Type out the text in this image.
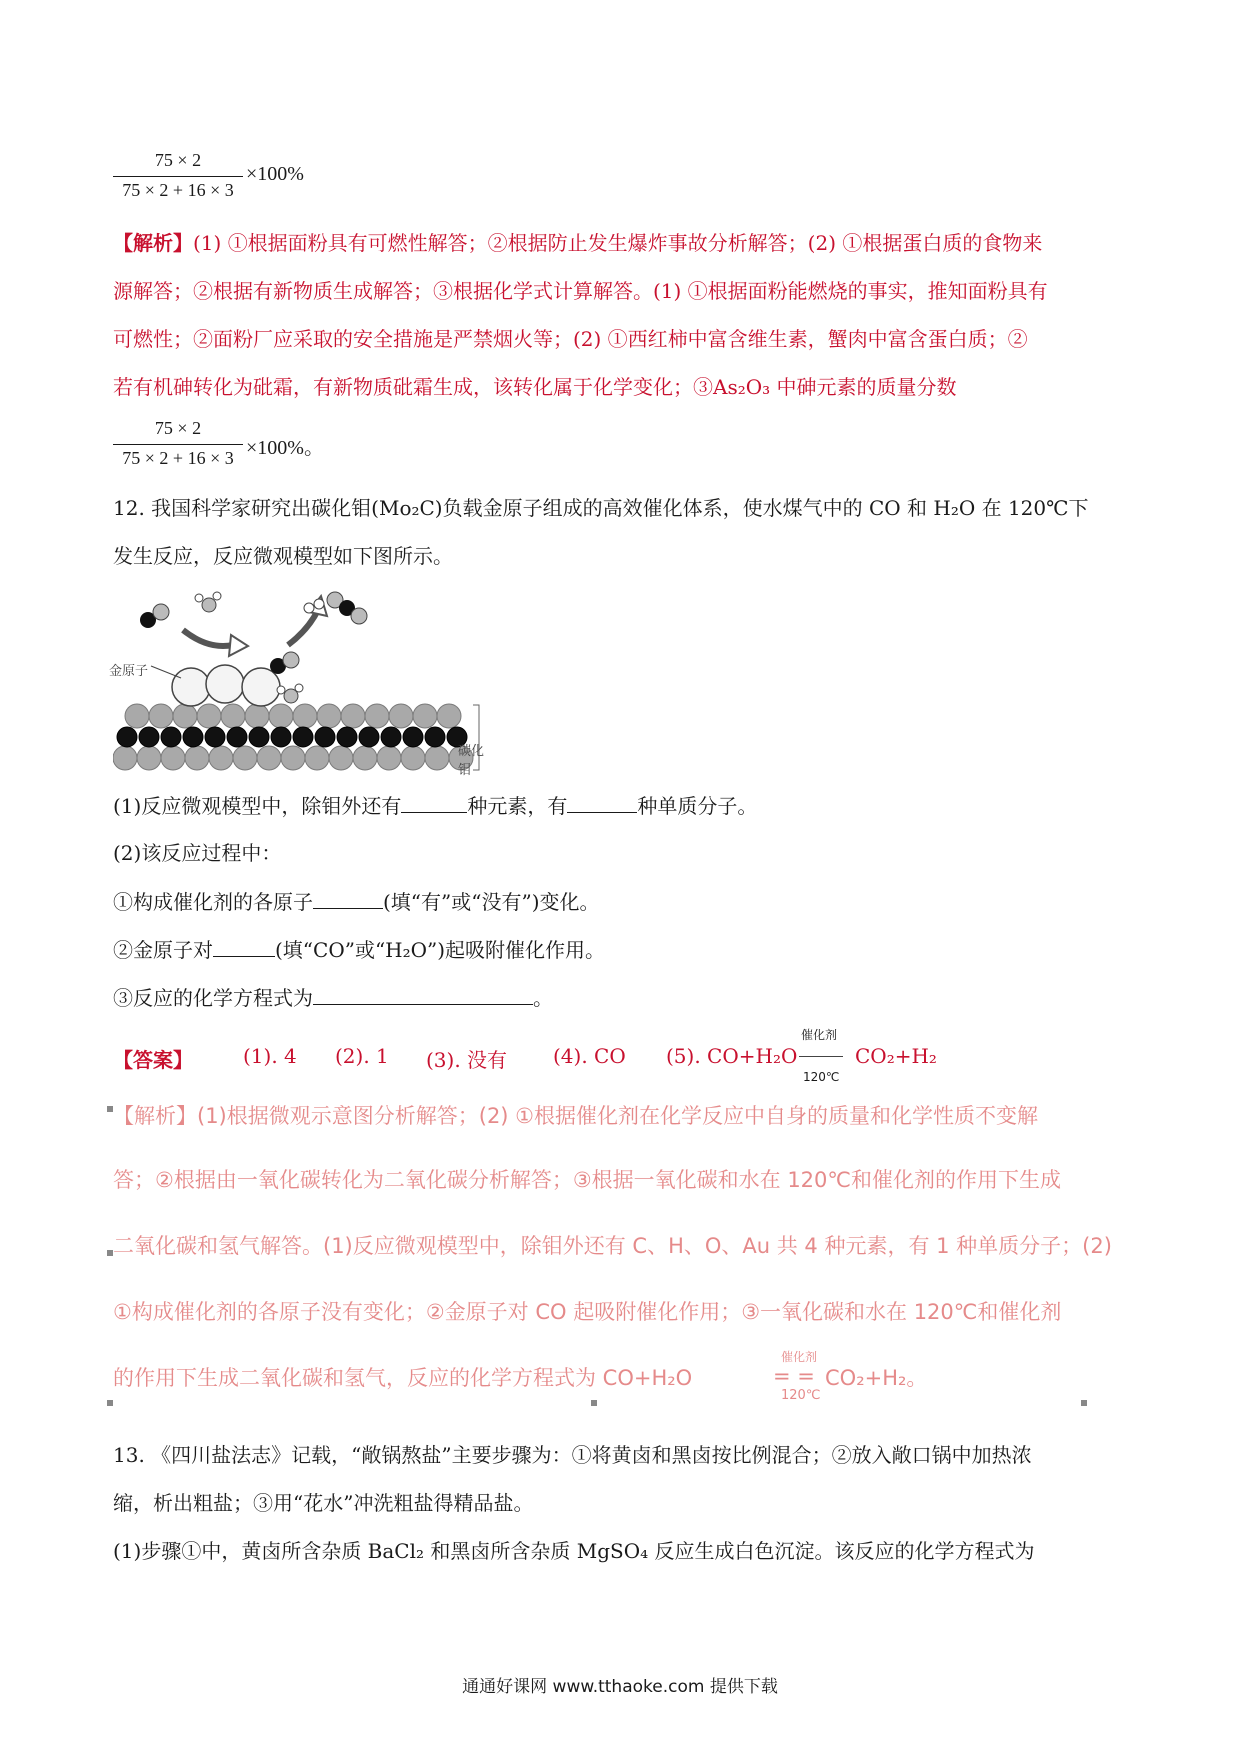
75 × 2
75 × 2 + 16 × 3
×100%
【解析】(1) ①根据面粉具有可燃性解答；②根据防止发生爆炸事故分析解答；(2) ①根据蛋白质的食物来
源解答；②根据有新物质生成解答；③根据化学式计算解答。(1) ①根据面粉能燃烧的事实，推知面粉具有
可燃性；②面粉厂应采取的安全措施是严禁烟火等；(2) ①西红柿中富含维生素，蟹肉中富含蛋白质；②
若有机砷转化为砒霜，有新物质砒霜生成，该转化属于化学变化；③As₂O₃ 中砷元素的质量分数
75 × 2
75 × 2 + 16 × 3 ×100%。
12. 我国科学家研究出碳化钼(Mo₂C)负载金原子组成的高效催化体系，使水煤气中的 CO 和 H₂O 在 120℃下
发生反应，反应微观模型如下图所示。
金原子
碳化钼
(1)反应微观模型中，除钼外还有	种元素，有	种单质分子。
(2)该反应过程中：
①构成催化剂的各原子	(填“有”或“没有”)变化。
②金原子对	(填“CO”或“H₂O”)起吸附催化作用。
③反应的化学方程式为	。
【答案】	(1). 4 (2). 1 (3). 没有 (4). CO (5). CO+H₂O
催化剂
120℃
CO₂+H₂
【解析】(1)根据微观示意图分析解答；(2) ①根据催化剂在化学反应中自身的质量和化学性质不变解
答；②根据由一氧化碳转化为二氧化碳分析解答；③根据一氧化碳和水在 120℃和催化剂的作用下生成
二氧化碳和氢气解答。(1)反应微观模型中，除钼外还有 C、H、O、Au 共 4 种元素，有 1 种单质分子；(2)
①构成催化剂的各原子没有变化；②金原子对 CO 起吸附催化作用；③一氧化碳和水在 120℃和催化剂
的作用下生成二氧化碳和氢气，反应的化学方程式为 CO+H₂O
催化剂
= =
120℃
CO₂+H₂。
13. 《四川盐法志》记载，“敞锅熬盐”主要步骤为：①将黄卤和黑卤按比例混合；②放入敞口锅中加热浓
缩，析出粗盐；③用“花水”冲洗粗盐得精品盐。
(1)步骤①中，黄卤所含杂质 BaCl₂ 和黑卤所含杂质 MgSO₄ 反应生成白色沉淀。该反应的化学方程式为
通通好课网 www.tthaoke.com 提供下载
